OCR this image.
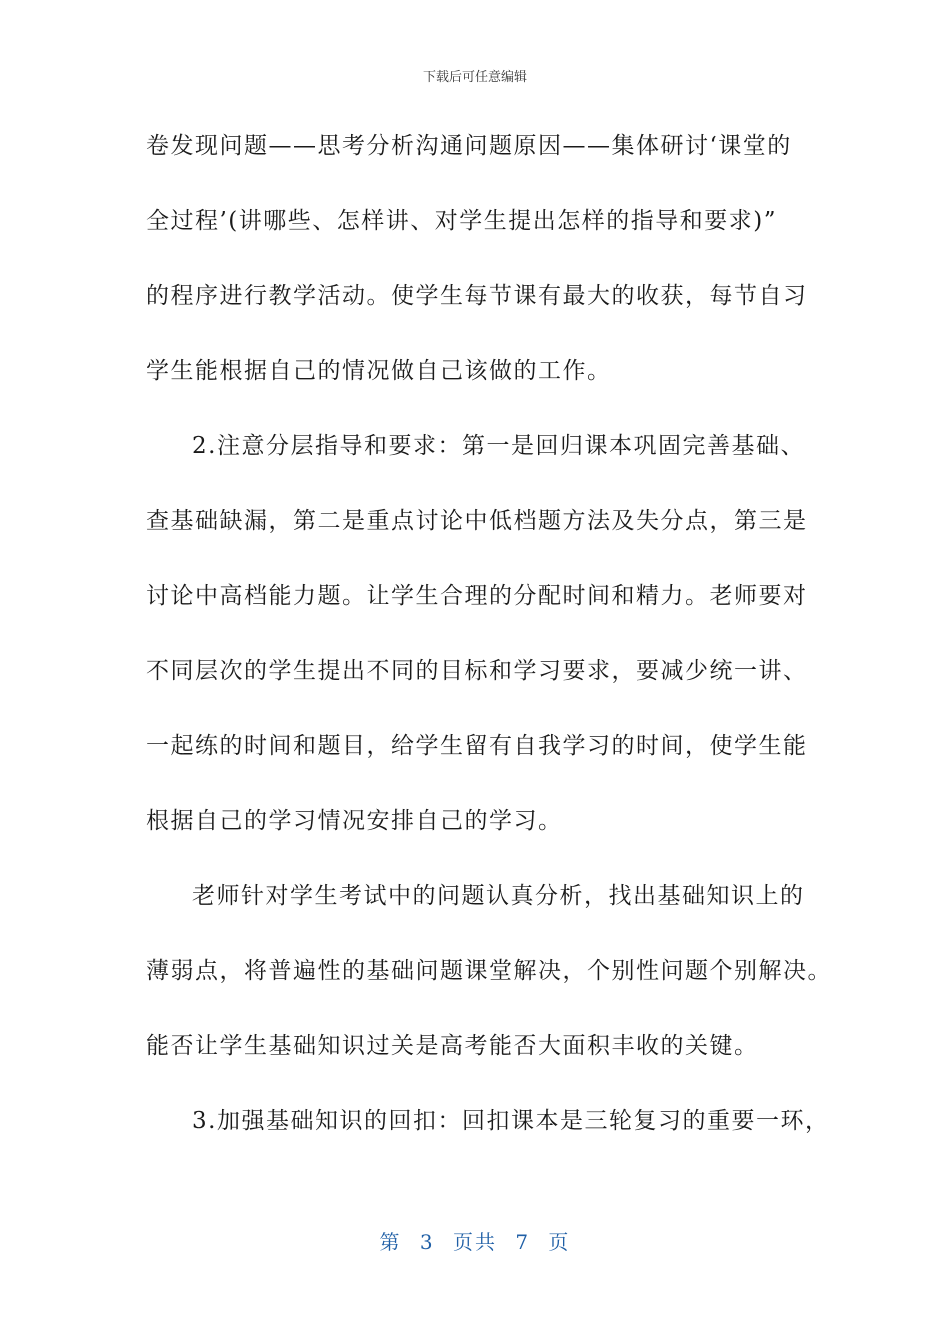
下载后可任意编辑
卷发现问题——思考分析沟通问题原因——集体研讨‘课堂的
全过程’(讲哪些、怎样讲、对学生提出怎样的指导和要求)”
的程序进行教学活动。使学生每节课有最大的收获，每节自习
学生能根据自己的情况做自己该做的工作。
2.注意分层指导和要求：第一是回归课本巩固完善基础、
查基础缺漏，第二是重点讨论中低档题方法及失分点，第三是
讨论中高档能力题。让学生合理的分配时间和精力。老师要对
不同层次的学生提出不同的目标和学习要求，要减少统一讲、
一起练的时间和题目，给学生留有自我学习的时间，使学生能
根据自己的学习情况安排自己的学习。
老师针对学生考试中的问题认真分析，找出基础知识上的
薄弱点，将普遍性的基础问题课堂解决，个别性问题个别解决。
能否让学生基础知识过关是高考能否大面积丰收的关键。
3.加强基础知识的回扣：回扣课本是三轮复习的重要一环，
第 3 页共 7 页
